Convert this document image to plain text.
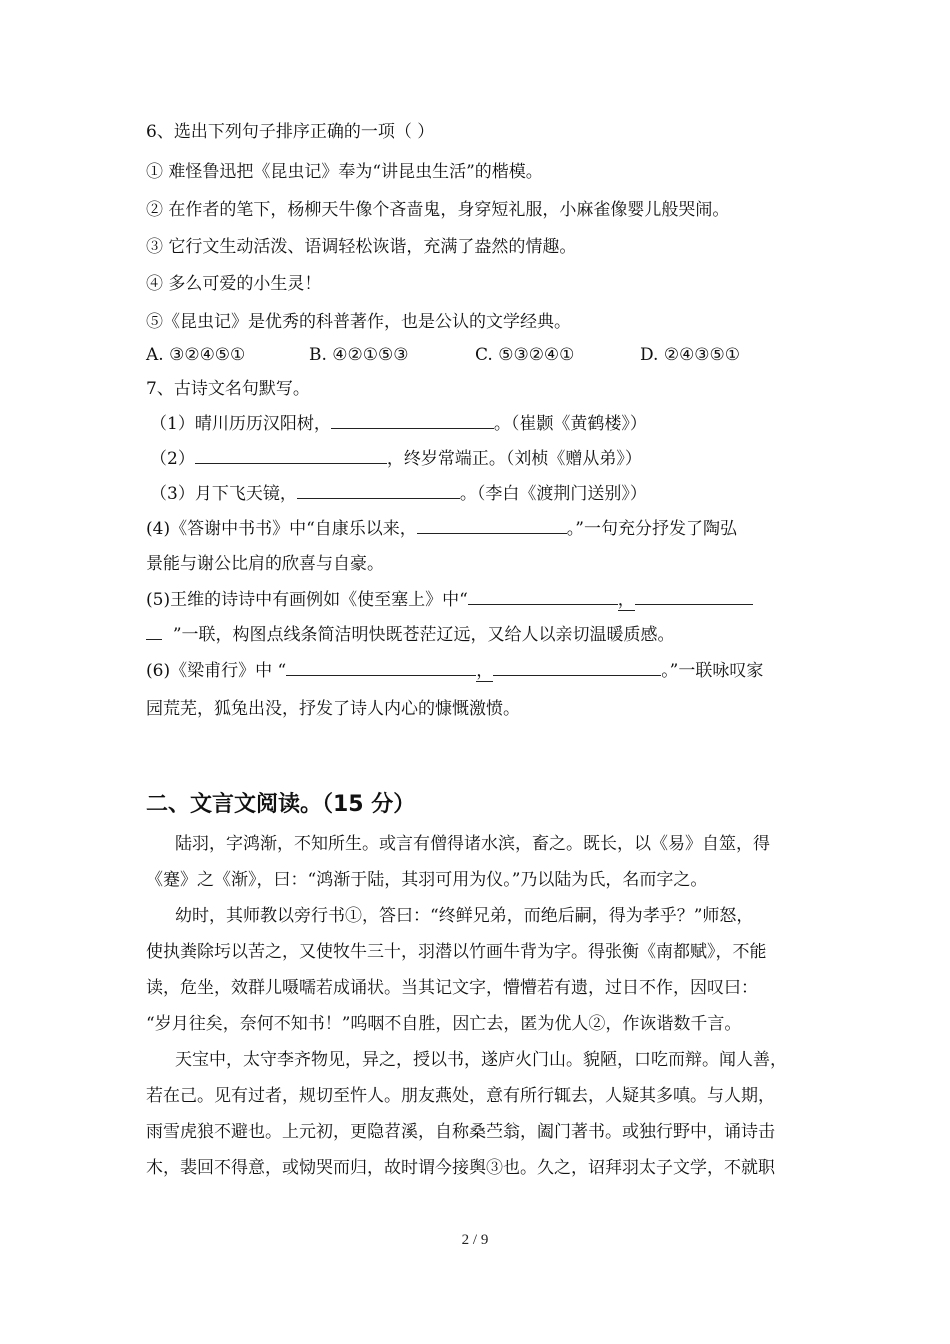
6、选出下列句子排序正确的一项（ ）
① 难怪鲁迅把《昆虫记》奉为“讲昆虫生活”的楷模。
② 在作者的笔下，杨柳天牛像个吝啬鬼，身穿短礼服，小麻雀像婴儿般哭闹。
③ 它行文生动活泼、语调轻松诙谐，充满了盎然的情趣。
④ 多么可爱的小生灵！
⑤《昆虫记》是优秀的科普著作，也是公认的文学经典。
A. ③②④⑤①	B. ④②①⑤③	C. ⑤③②④①	D. ②④③⑤①
7、古诗文名句默写。
（1）晴川历历汉阳树，	。（崔颢《黄鹤楼》）
（2）	，终岁常端正。（刘桢《赠从弟》）
（3）月下飞天镜，	。（李白《渡荆门送别》）
(4)《答谢中书书》中“自康乐以来，	。”一句充分抒发了陶弘
景能与谢公比肩的欣喜与自豪。
(5)王维的诗诗中有画例如《使至塞上》中“	，
”一联，构图点线条简洁明快既苍茫辽远，又给人以亲切温暖质感。
(6)《梁甫行》中 “	，	。”一联咏叹家
园荒芜，狐兔出没，抒发了诗人内心的慷慨激愤。
二、文言文阅读。（15 分）
陆羽，字鸿渐，不知所生。或言有僧得诸水滨，畜之。既长，以《易》自筮，得
《蹇》之《渐》，曰：“鸿渐于陆，其羽可用为仪。”乃以陆为氏，名而字之。
幼时，其师教以旁行书①，答曰：“终鲜兄弟，而绝后嗣，得为孝乎？”师怒，
使执粪除圬以苦之，又使牧牛三十，羽潜以竹画牛背为字。得张衡《南都赋》，不能
读，危坐，效群儿嗫嚅若成诵状。当其记文字，懵懵若有遗，过日不作，因叹曰：
“岁月往矣，奈何不知书！”呜咽不自胜，因亡去，匿为优人②，作诙谐数千言。
天宝中，太守李齐物见，异之，授以书，遂庐火门山。貌陋，口吃而辩。闻人善，
若在己。见有过者，规切至忤人。朋友燕处，意有所行辄去，人疑其多嗔。与人期，
雨雪虎狼不避也。上元初，更隐苕溪，自称桑苎翁，阖门著书。或独行野中，诵诗击
木，裴回不得意，或恸哭而归，故时谓今接舆③也。久之，诏拜羽太子文学，不就职
2 / 9
